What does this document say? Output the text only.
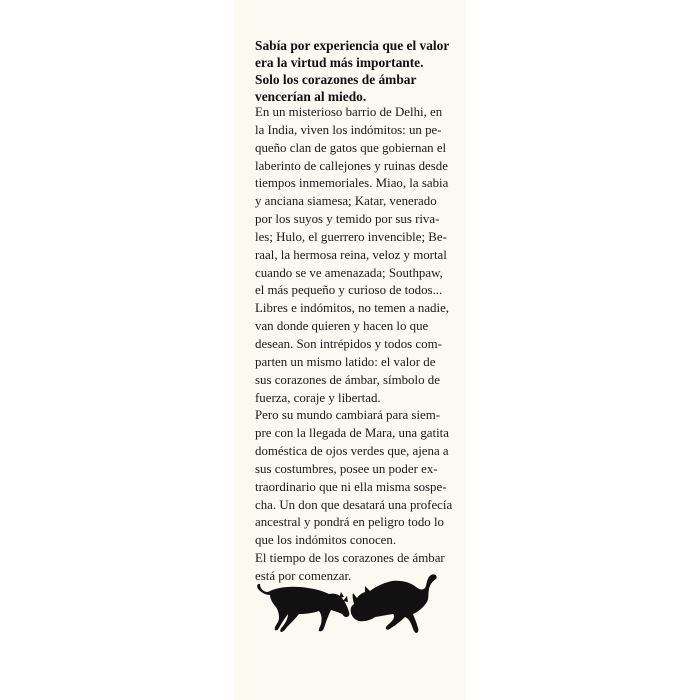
Sabía por experiencia que el valor
era la virtud más importante.
Solo los corazones de ámbar
vencerían al miedo.
En un misterioso barrio de Delhi, en
la India, viven los indómitos: un pe-
queño clan de gatos que gobiernan el
laberinto de callejones y ruinas desde
tiempos inmemoriales. Miao, la sabia
y anciana siamesa; Katar, venerado
por los suyos y temido por sus riva-
les; Hulo, el guerrero invencible; Be-
raal, la hermosa reina, veloz y mortal
cuando se ve amenazada; Southpaw,
el más pequeño y curioso de todos...
Libres e indómitos, no temen a nadie,
van donde quieren y hacen lo que
desean. Son intrépidos y todos com-
parten un mismo latido: el valor de
sus corazones de ámbar, símbolo de
fuerza, coraje y libertad.
Pero su mundo cambiará para siem-
pre con la llegada de Mara, una gatita
doméstica de ojos verdes que, ajena a
sus costumbres, posee un poder ex-
traordinario que ni ella misma sospe-
cha. Un don que desatará una profecía
ancestral y pondrá en peligro todo lo
que los indómitos conocen.
El tiempo de los corazones de ámbar
está por comenzar.
